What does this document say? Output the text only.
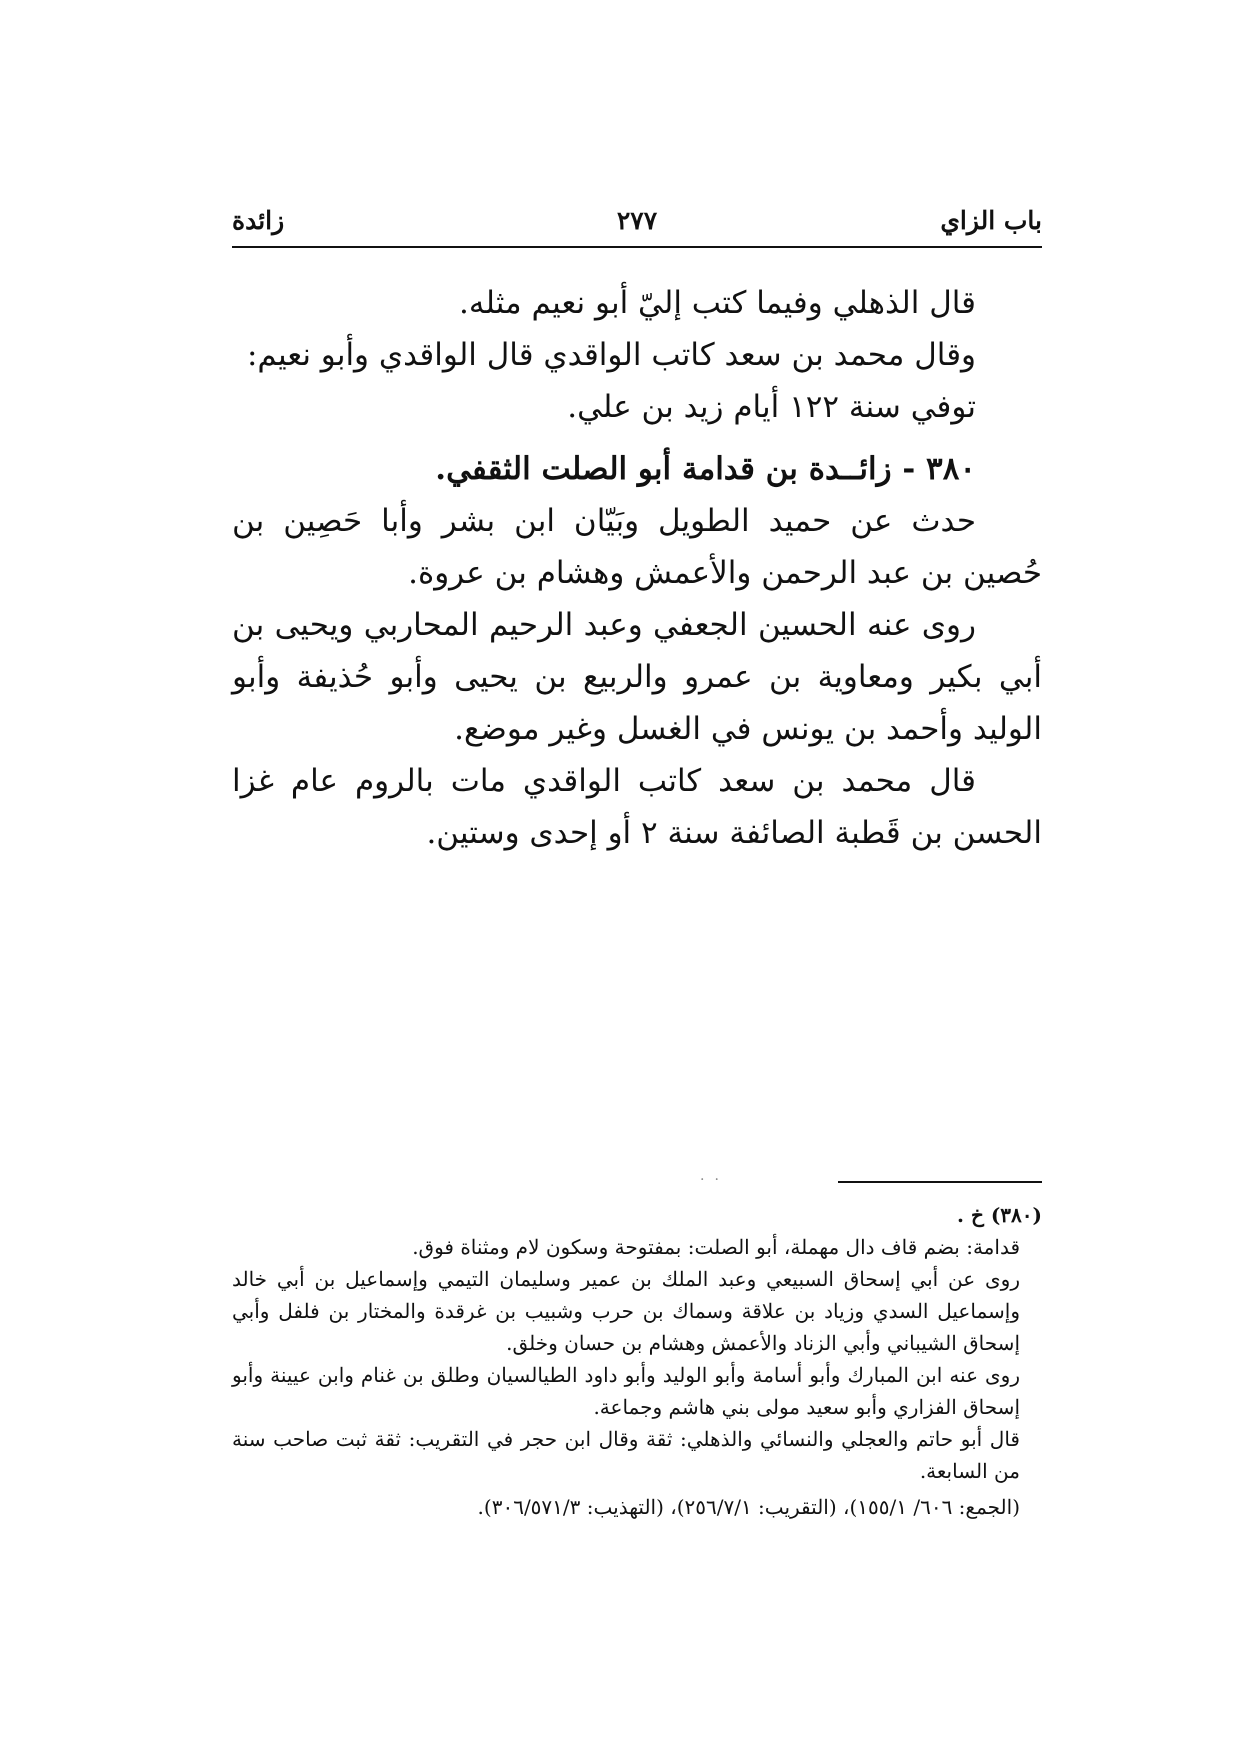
باب الزاي
٢٧٧
زائدة

قال الذهلي وفيما كتب إليّ أبو نعيم مثله.

وقال محمد بن سعد كاتب الواقدي قال الواقدي وأبو نعيم:

توفي سنة ١٢٢ أيام زيد بن علي.

٣٨٠ - زائــدة بن قدامة أبو الصلت الثقفي.

حدث عن حميد الطويل وبَيّان ابن بشر وأبا حَصِين بن حُصين بن عبد الرحمن والأعمش وهشام بن عروة.

روى عنه الحسين الجعفي وعبد الرحيم المحاربي ويحيى بن أبي بكير ومعاوية بن عمرو والربيع بن يحيى وأبو حُذيفة وأبو الوليد وأحمد بن يونس في الغسل وغير موضع.

قال محمد بن سعد كاتب الواقدي مات بالروم عام غزا الحسن بن قَطبة الصائفة سنة ٢ أو إحدى وستين.

..

(٣٨٠) خ .

قدامة: بضم قاف دال مهملة، أبو الصلت: بمفتوحة وسكون لام ومثناة فوق.

روى عن أبي إسحاق السبيعي وعبد الملك بن عمير وسليمان التيمي وإسماعيل بن أبي خالد وإسماعيل السدي وزياد بن علاقة وسماك بن حرب وشبيب بن غرقدة والمختار بن فلفل وأبي إسحاق الشيباني وأبي الزناد والأعمش وهشام بن حسان وخلق.

روى عنه ابن المبارك وأبو أسامة وأبو الوليد وأبو داود الطيالسيان وطلق بن غنام وابن عيينة وأبو إسحاق الفزاري وأبو سعيد مولى بني هاشم وجماعة.

قال أبو حاتم والعجلي والنسائي والذهلي: ثقة وقال ابن حجر في التقريب: ثقة ثبت صاحب سنة من السابعة.

(الجمع: ٦٠٦/ ١٥٥/١)، (التقريب: ٢٥٦/٧/١)، (التهذيب: ٣٠٦/٥٧١/٣).
